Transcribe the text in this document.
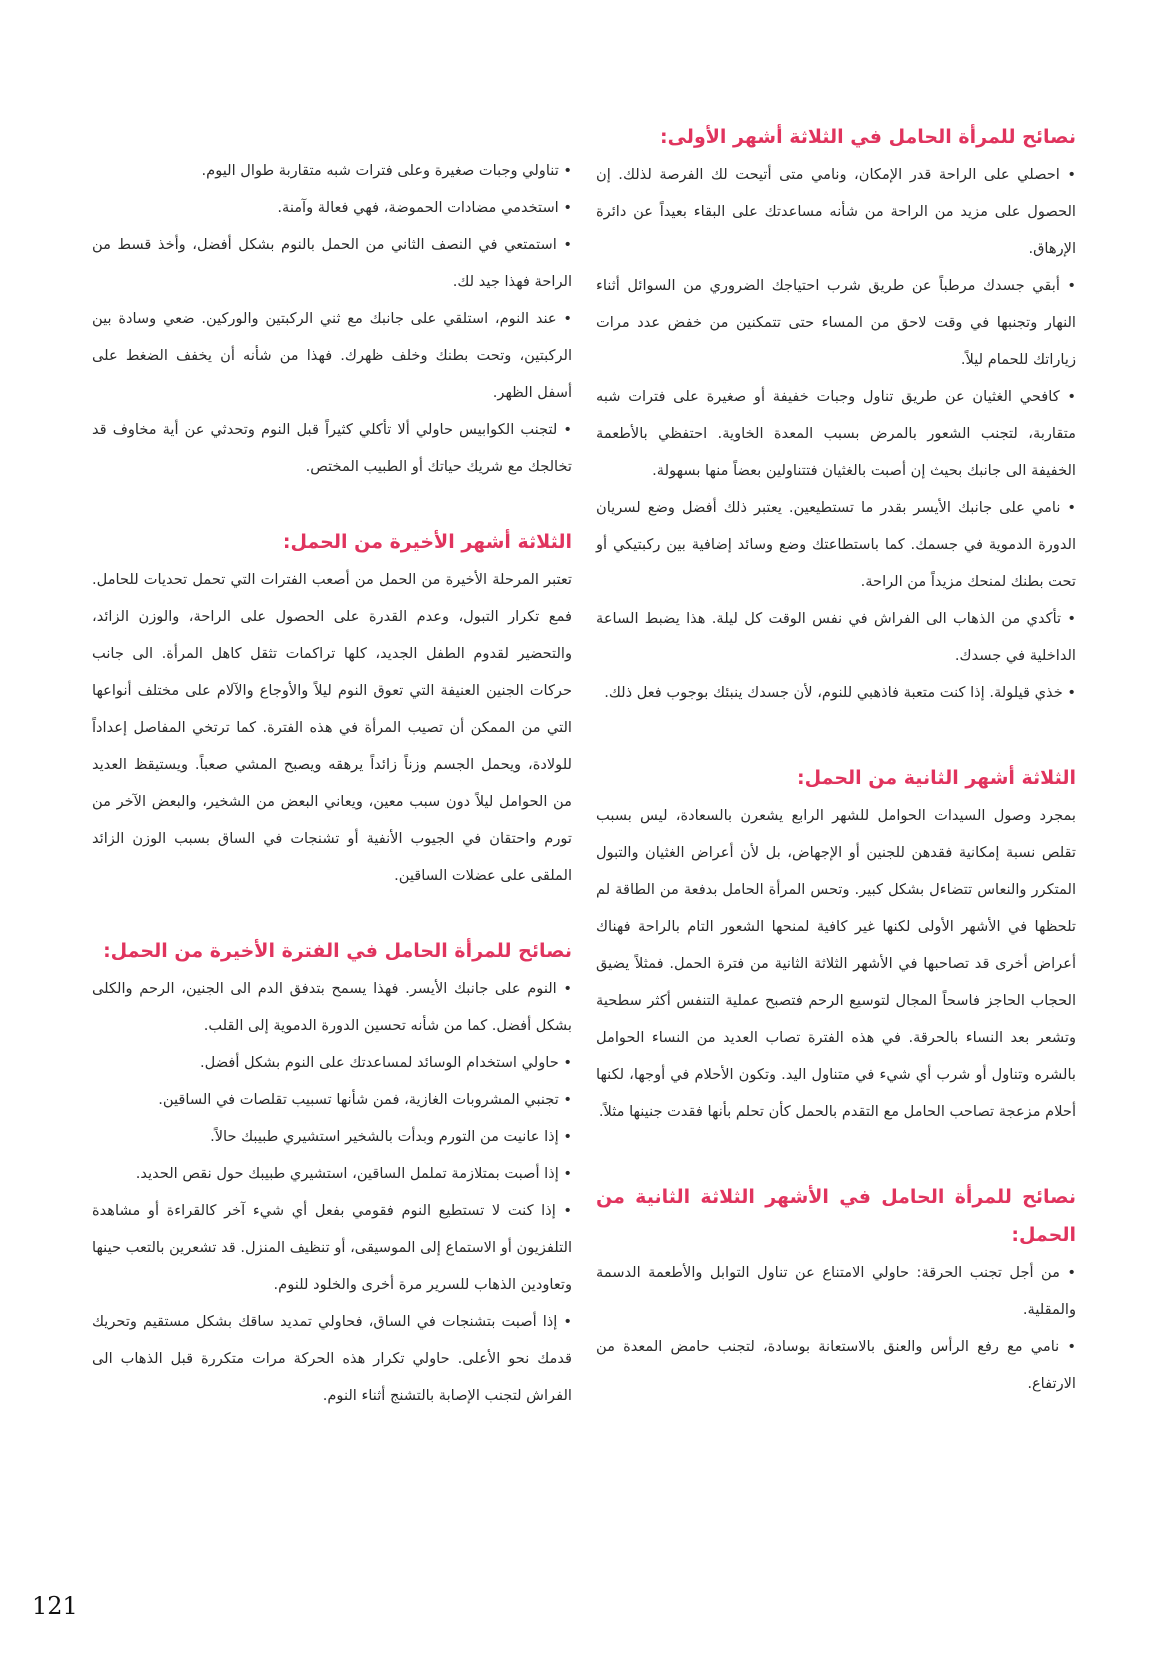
نصائح للمرأة الحامل في الثلاثة أشهر الأولى:

• احصلي على الراحة قدر الإمكان، ونامي متى أتيحت لك الفرصة لذلك. إن الحصول على مزيد من الراحة من شأنه مساعدتك على البقاء بعيداً عن دائرة الإرهاق.

• أبقي جسدك مرطباً عن طريق شرب احتياجك الضروري من السوائل أثناء النهار وتجنبها في وقت لاحق من المساء حتى تتمكنين من خفض عدد مرات زياراتك للحمام ليلاً.

• كافحي الغثيان عن طريق تناول وجبات خفيفة أو صغيرة على فترات شبه متقاربة، لتجنب الشعور بالمرض بسبب المعدة الخاوية. احتفظي بالأطعمة الخفيفة الى جانبك بحيث إن أصبت بالغثيان فتتناولين بعضاً منها بسهولة.

• نامي على جانبك الأيسر بقدر ما تستطيعين. يعتبر ذلك أفضل وضع لسريان الدورة الدموية في جسمك. كما باستطاعتك وضع وسائد إضافية بين ركبتيكي أو تحت بطنك لمنحك مزيداً من الراحة.

• تأكدي من الذهاب الى الفراش في نفس الوقت كل ليلة. هذا يضبط الساعة الداخلية في جسدك.

• خذي قيلولة. إذا كنت متعبة فاذهبي للنوم، لأن جسدك ينبئك بوجوب فعل ذلك.

الثلاثة أشهر الثانية من الحمل:

بمجرد وصول السيدات الحوامل للشهر الرابع يشعرن بالسعادة، ليس بسبب تقلص نسبة إمكانية فقدهن للجنين أو الإجهاض، بل لأن أعراض الغثيان والتبول المتكرر والنعاس تتضاءل بشكل كبير. وتحس المرأة الحامل بدفعة من الطاقة لم تلحظها في الأشهر الأولى لكنها غير كافية لمنحها الشعور التام بالراحة فهناك أعراض أخرى قد تصاحبها في الأشهر الثلاثة الثانية من فترة الحمل. فمثلاً يضيق الحجاب الحاجز فاسحاً المجال لتوسيع الرحم فتصبح عملية التنفس أكثر سطحية وتشعر بعد النساء بالحرقة. في هذه الفترة تصاب العديد من النساء الحوامل بالشره وتناول أو شرب أي شيء في متناول اليد. وتكون الأحلام في أوجها، لكنها أحلام مزعجة تصاحب الحامل مع التقدم بالحمل كأن تحلم بأنها فقدت جنينها مثلاً.

نصائح للمرأة الحامل في الأشهر الثلاثة الثانية من الحمل:

• من أجل تجنب الحرقة: حاولي الامتناع عن تناول التوابل والأطعمة الدسمة والمقلية.

• نامي مع رفع الرأس والعنق بالاستعانة بوسادة، لتجنب حامض المعدة من الارتفاع.

• تناولي وجبات صغيرة وعلى فترات شبه متقاربة طوال اليوم.

• استخدمي مضادات الحموضة، فهي فعالة وآمنة.

• استمتعي في النصف الثاني من الحمل بالنوم بشكل أفضل، وأخذ قسط من الراحة فهذا جيد لك.

• عند النوم، استلقي على جانبك مع ثني الركبتين والوركين. ضعي وسادة بين الركبتين، وتحت بطنك وخلف ظهرك. فهذا من شأنه أن يخفف الضغط على أسفل الظهر.

• لتجنب الكوابيس حاولي ألا تأكلي كثيراً قبل النوم وتحدثي عن أية مخاوف قد تخالجك مع شريك حياتك أو الطبيب المختص.

الثلاثة أشهر الأخيرة من الحمل:

تعتبر المرحلة الأخيرة من الحمل من أصعب الفترات التي تحمل تحديات للحامل. فمع تكرار التبول، وعدم القدرة على الحصول على الراحة، والوزن الزائد، والتحضير لقدوم الطفل الجديد، كلها تراكمات تثقل كاهل المرأة. الى جانب حركات الجنين العنيفة التي تعوق النوم ليلاً والأوجاع والآلام على مختلف أنواعها التي من الممكن أن تصيب المرأة في هذه الفترة. كما ترتخي المفاصل إعداداً للولادة، ويحمل الجسم وزناً زائداً يرهقه ويصبح المشي صعباً. ويستيقظ العديد من الحوامل ليلاً دون سبب معين، ويعاني البعض من الشخير، والبعض الآخر من تورم واحتقان في الجيوب الأنفية أو تشنجات في الساق بسبب الوزن الزائد الملقى على عضلات الساقين.

نصائح للمرأة الحامل في الفترة الأخيرة من الحمل:

• النوم على جانبك الأيسر. فهذا يسمح بتدفق الدم الى الجنين، الرحم والكلى بشكل أفضل. كما من شأنه تحسين الدورة الدموية إلى القلب.

• حاولي استخدام الوسائد لمساعدتك على النوم بشكل أفضل.

• تجنبي المشروبات الغازية، فمن شأنها تسبيب تقلصات في الساقين.

• إذا عانيت من التورم وبدأت بالشخير استشيري طبيبك حالاً.

• إذا أصبت بمتلازمة تململ الساقين، استشيري طبيبك حول نقص الحديد.

• إذا كنت لا تستطيع النوم فقومي بفعل أي شيء آخر كالقراءة أو مشاهدة التلفزيون أو الاستماع إلى الموسيقى، أو تنظيف المنزل. قد تشعرين بالتعب حينها وتعاودين الذهاب للسرير مرة أخرى والخلود للنوم.

• إذا أصبت بتشنجات في الساق، فحاولي تمديد ساقك بشكل مستقيم وتحريك قدمك نحو الأعلى. حاولي تكرار هذه الحركة مرات متكررة قبل الذهاب الى الفراش لتجنب الإصابة بالتشنج أثناء النوم.

121
